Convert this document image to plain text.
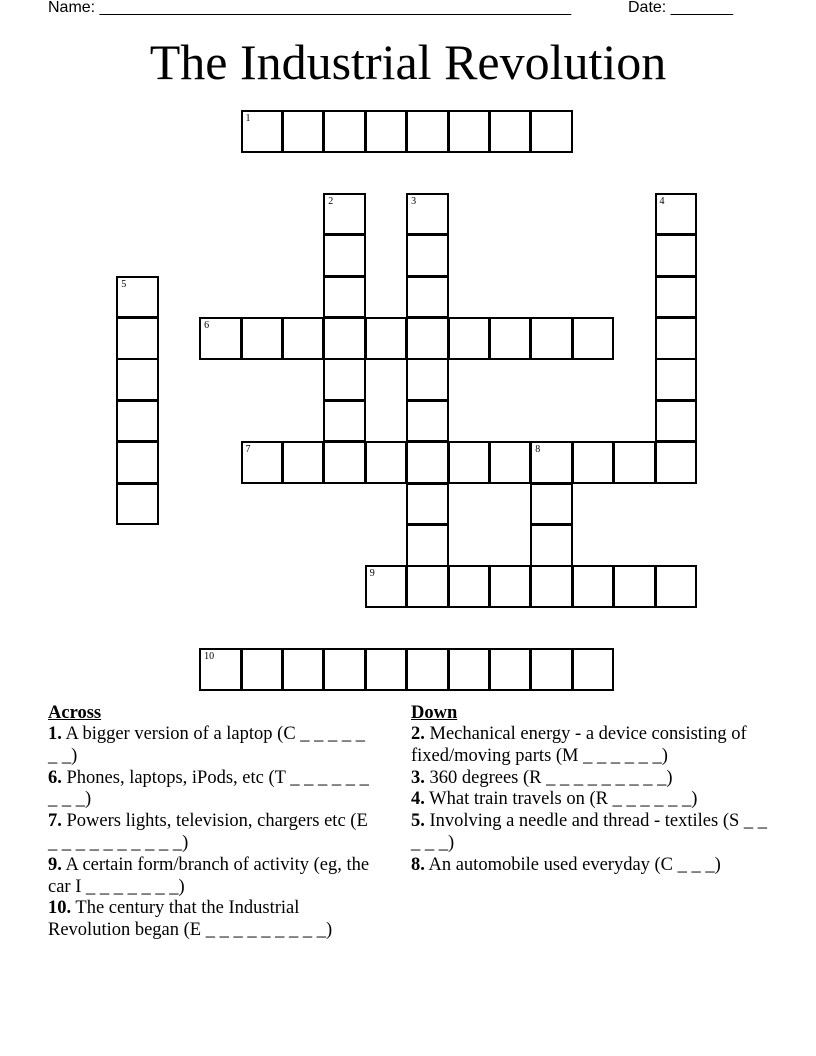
Name: _____________________________________________________	Date: _______
The Industrial Revolution
1
2	3	4
5
6
7	8
9
10
Across
1. A bigger version of a laptop (C _ _ _ _ _ _ _)
6. Phones, laptops, iPods, etc (T _ _ _ _ _ _ _ _ _)
7. Powers lights, television, chargers etc (E _ _ _ _ _ _ _ _ _ _)
9. A certain form/branch of activity (eg, the car I _ _ _ _ _ _ _)
10. The century that the Industrial Revolution began (E _ _ _ _ _ _ _ _ _)
Down
2. Mechanical energy - a device consisting of fixed/moving parts (M _ _ _ _ _ _)
3. 360 degrees (R _ _ _ _ _ _ _ _ _)
4. What train travels on (R _ _ _ _ _ _)
5. Involving a needle and thread - textiles (S _ _ _ _ _)
8. An automobile used everyday (C _ _ _)
